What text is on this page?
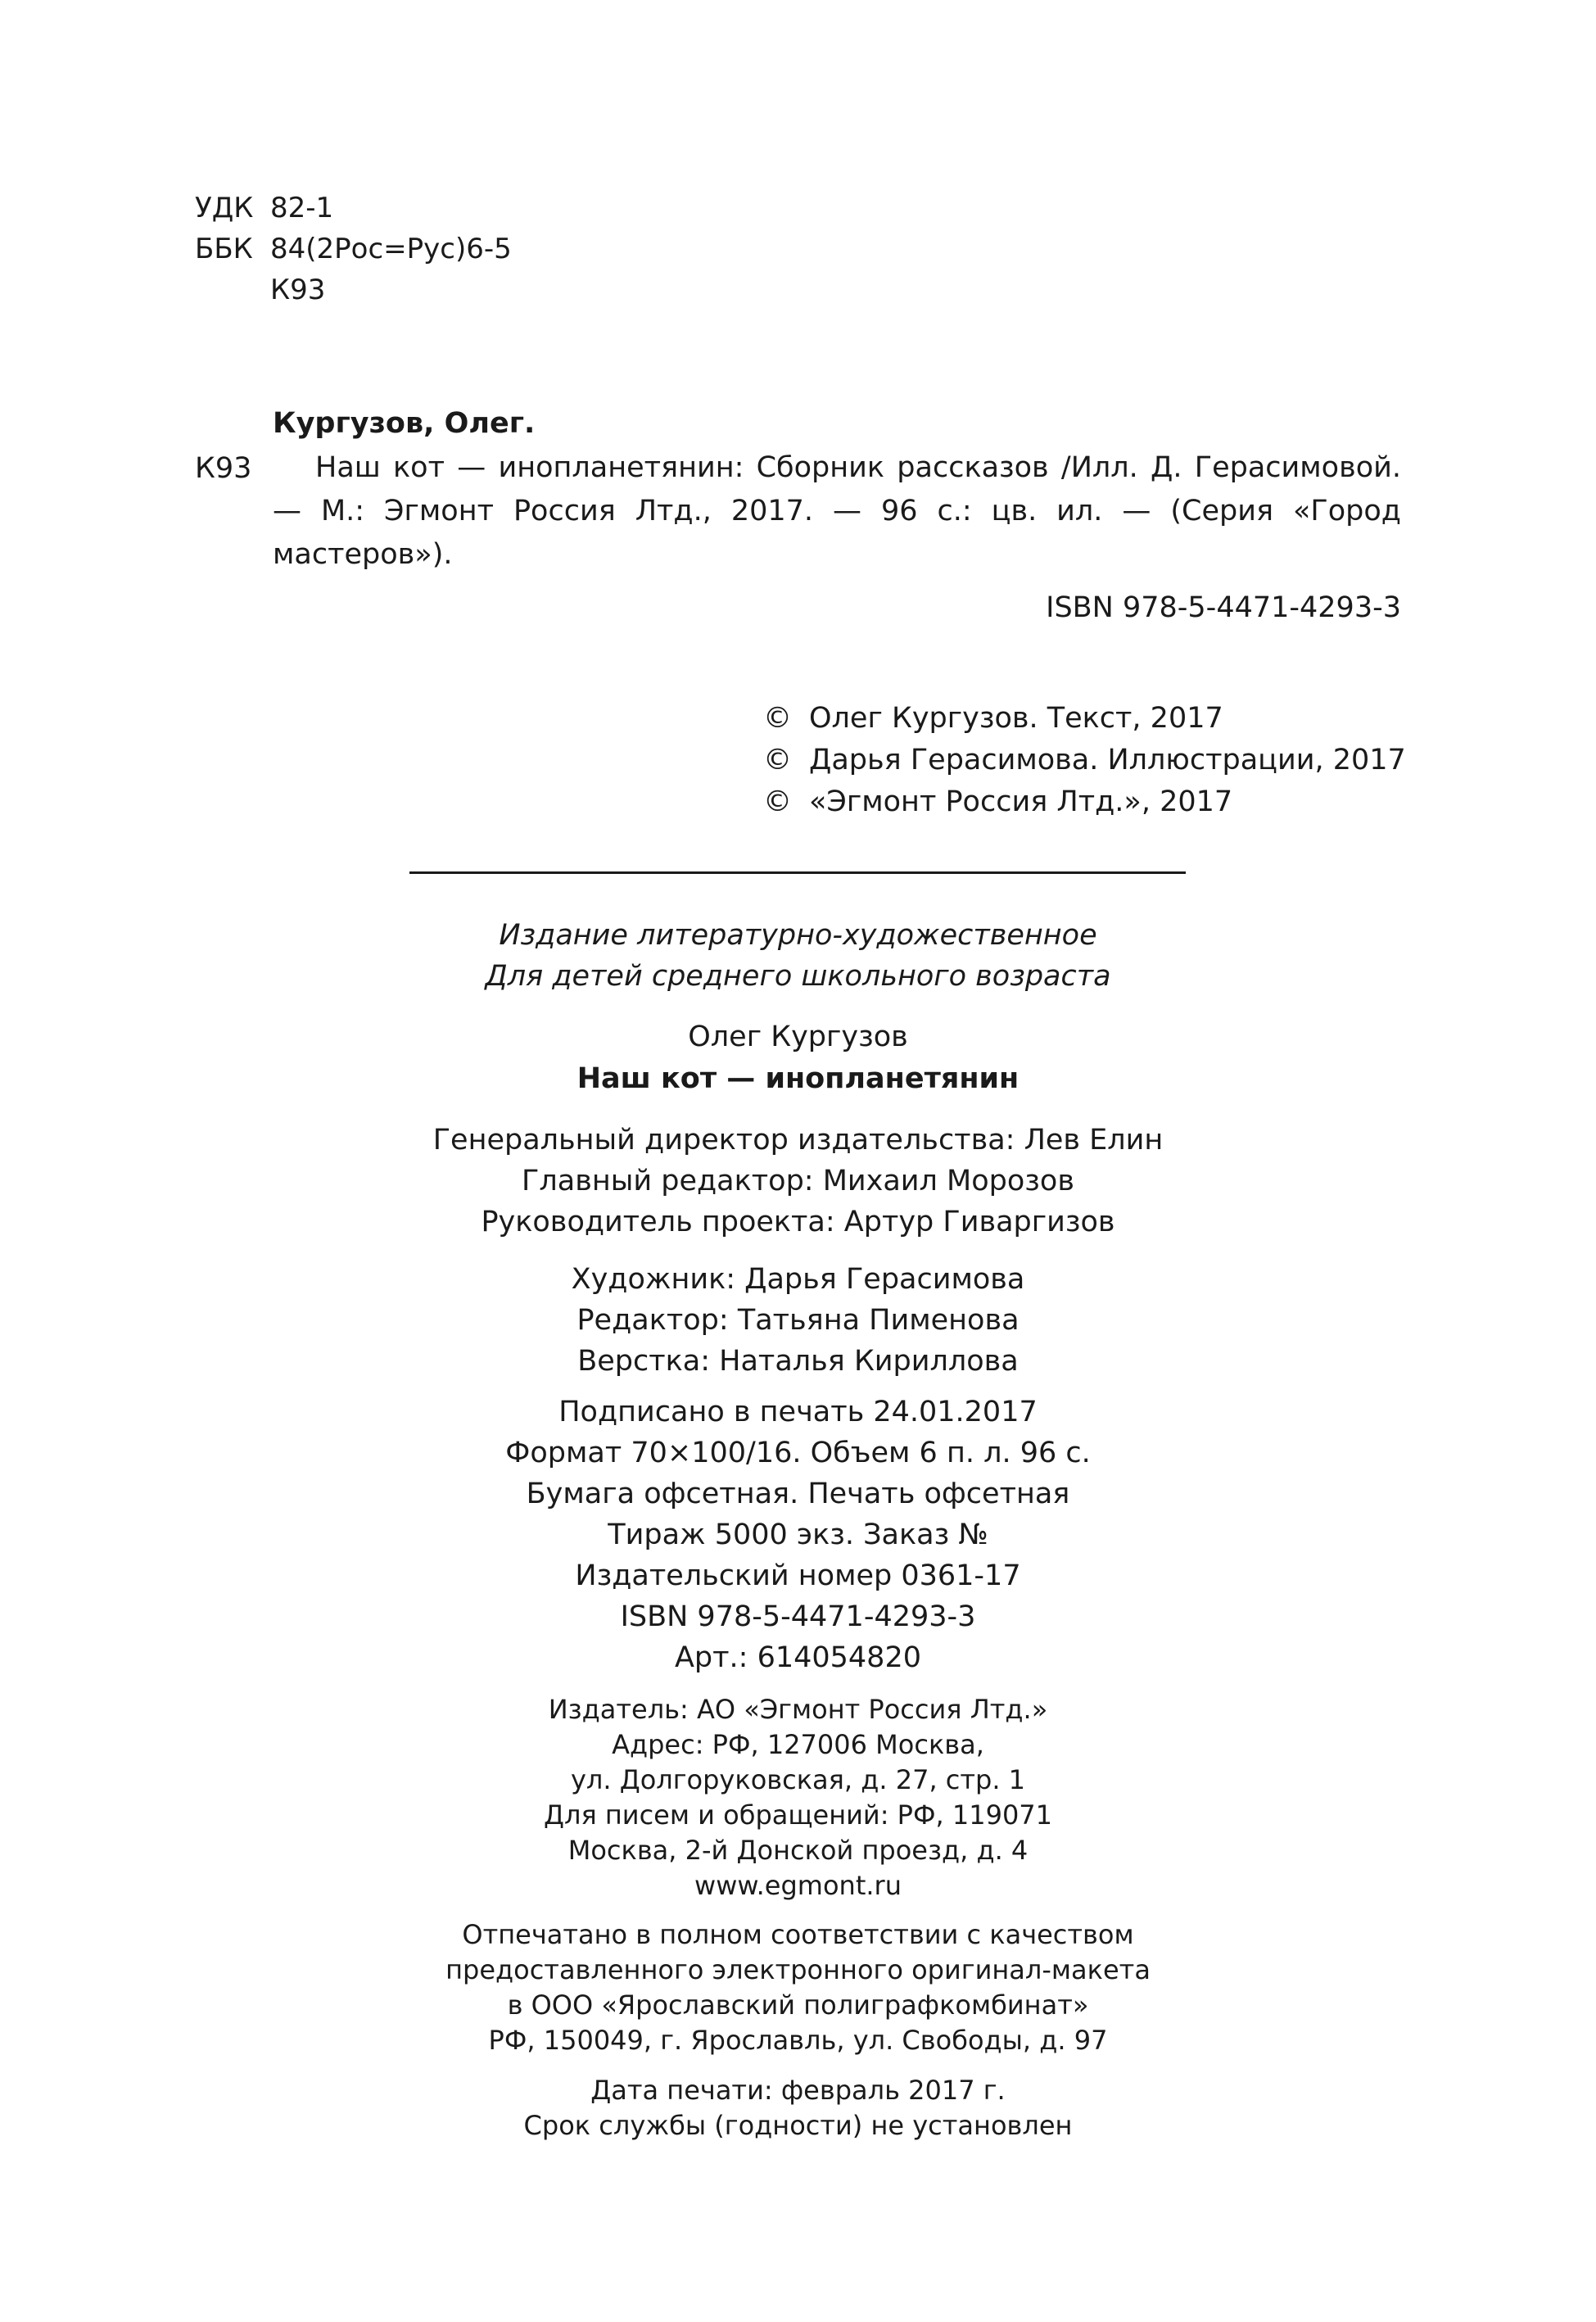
УДК 82-1
ББК 84(2Рос=Рус)6-5
К93
Кургузов, Олег.
К93	Наш кот — инопланетянин: Сборник рассказов /Илл. Д. Герасимовой. — М.: Эгмонт Россия Лтд., 2017. — 96 с.: цв. ил. — (Серия «Город мастеров»).
ISBN 978-5-4471-4293-3
© Олег Кургузов. Текст, 2017
© Дарья Герасимова. Иллюстрации, 2017
© «Эгмонт Россия Лтд.», 2017
Издание литературно-художественное
Для детей среднего школьного возраста
Олег Кургузов
Наш кот — инопланетянин
Генеральный директор издательства: Лев Елин
Главный редактор: Михаил Морозов
Руководитель проекта: Артур Гиваргизов
Художник: Дарья Герасимова
Редактор: Татьяна Пименова
Верстка: Наталья Кириллова
Подписано в печать 24.01.2017
Формат 70×100/16. Объем 6 п. л. 96 с.
Бумага офсетная. Печать офсетная
Тираж 5000 экз. Заказ №
Издательский номер 0361-17
ISBN 978-5-4471-4293-3
Арт.: 614054820
Издатель: АО «Эгмонт Россия Лтд.»
Адрес: РФ, 127006 Москва,
ул. Долгоруковская, д. 27, стр. 1
Для писем и обращений: РФ, 119071
Москва, 2-й Донской проезд, д. 4
www.egmont.ru
Отпечатано в полном соответствии с качеством
предоставленного электронного оригинал-макета
в ООО «Ярославский полиграфкомбинат»
РФ, 150049, г. Ярославль, ул. Свободы, д. 97
Дата печати: февраль 2017 г.
Срок службы (годности) не установлен
